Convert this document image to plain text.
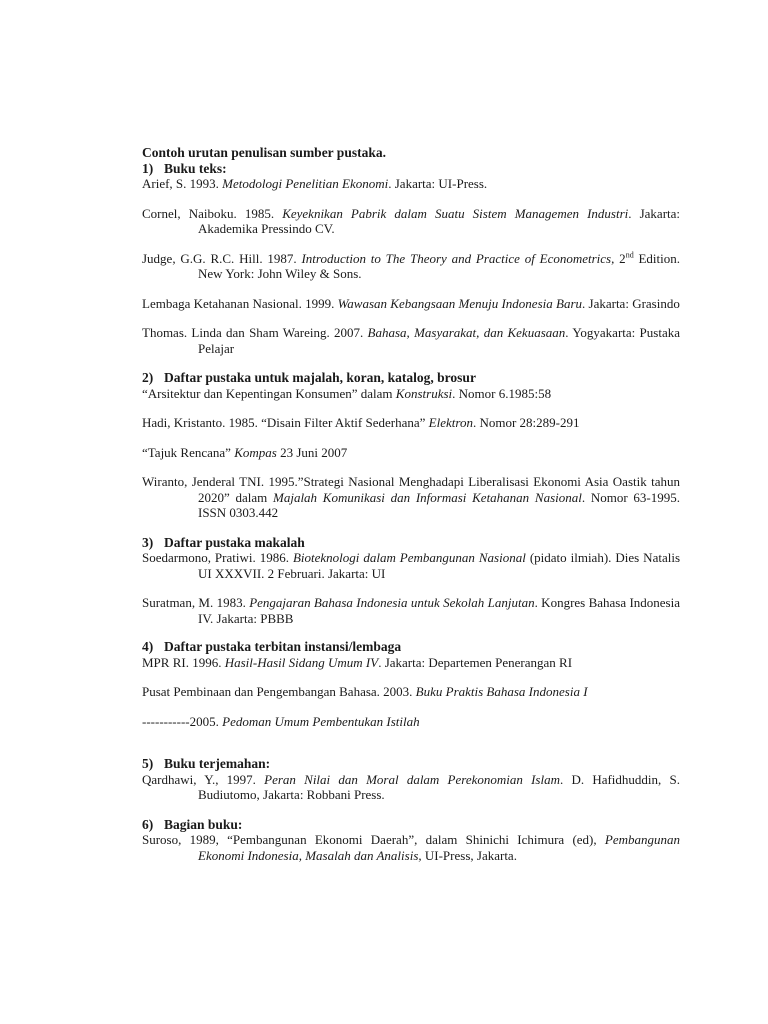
Contoh urutan penulisan sumber pustaka.

1) Buku teks:

Arief, S. 1993. Metodologi Penelitian Ekonomi. Jakarta: UI-Press.

Cornel, Naiboku. 1985. Keyeknikan Pabrik dalam Suatu Sistem Managemen Industri. Jakarta: Akademika Pressindo CV.

Judge, G.G. R.C. Hill. 1987. Introduction to The Theory and Practice of Econometrics, 2nd Edition. New York: John Wiley & Sons.

Lembaga Ketahanan Nasional. 1999. Wawasan Kebangsaan Menuju Indonesia Baru. Jakarta: Grasindo

Thomas. Linda dan Sham Wareing. 2007. Bahasa, Masyarakat, dan Kekuasaan. Yogyakarta: Pustaka Pelajar

2) Daftar pustaka untuk majalah, koran, katalog, brosur

“Arsitektur dan Kepentingan Konsumen” dalam Konstruksi. Nomor 6.1985:58

Hadi, Kristanto. 1985. “Disain Filter Aktif Sederhana” Elektron. Nomor 28:289-291

“Tajuk Rencana” Kompas 23 Juni 2007

Wiranto, Jenderal TNI. 1995.”Strategi Nasional Menghadapi Liberalisasi Ekonomi Asia Oastik tahun 2020” dalam Majalah Komunikasi dan Informasi Ketahanan Nasional. Nomor 63-1995. ISSN 0303.442

3) Daftar pustaka makalah

Soedarmono, Pratiwi. 1986. Bioteknologi dalam Pembangunan Nasional (pidato ilmiah). Dies Natalis UI XXXVII. 2 Februari. Jakarta: UI

Suratman, M. 1983. Pengajaran Bahasa Indonesia untuk Sekolah Lanjutan. Kongres Bahasa Indonesia IV. Jakarta: PBBB

4) Daftar pustaka terbitan instansi/lembaga

MPR RI. 1996. Hasil-Hasil Sidang Umum IV. Jakarta: Departemen Penerangan RI

Pusat Pembinaan dan Pengembangan Bahasa. 2003. Buku Praktis Bahasa Indonesia I

-----------2005. Pedoman Umum Pembentukan Istilah

5) Buku terjemahan:

Qardhawi, Y., 1997. Peran Nilai dan Moral dalam Perekonomian Islam. D. Hafidhuddin, S. Budiutomo, Jakarta: Robbani Press.

6) Bagian buku:

Suroso, 1989, “Pembangunan Ekonomi Daerah”, dalam Shinichi Ichimura (ed), Pembangunan Ekonomi Indonesia, Masalah dan Analisis, UI-Press, Jakarta.
